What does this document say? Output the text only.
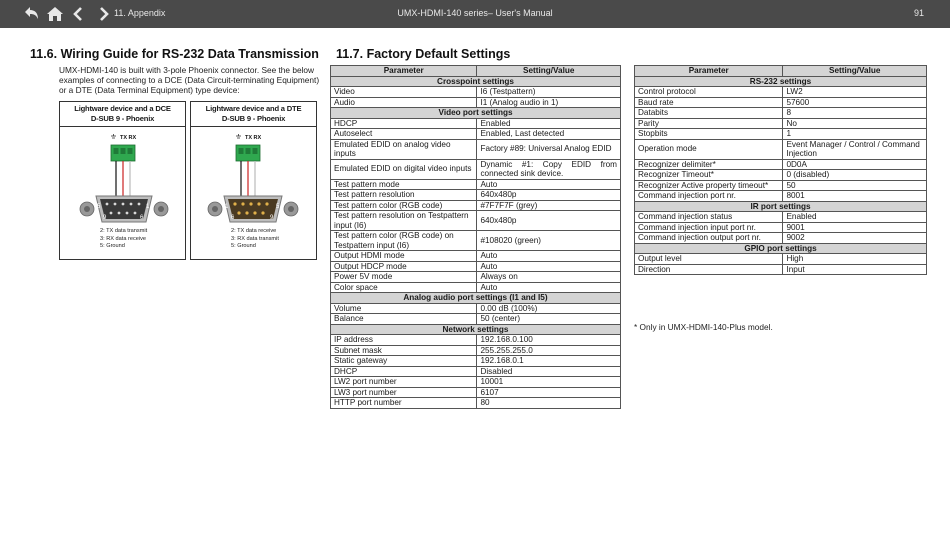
11. Appendix	UMX-HDMI-140 series– User's Manual	91
11.6. Wiring Guide for RS-232 Data Transmission

UMX-HDMI-140 is built with 3-pole Phoenix connector. See the below examples of connecting to a DCE (Data Circuit-terminating Equipment) or a DTE (Data Terminal Equipment) type device:

Lightware device and a DCE
D-SUB 9 - Phoenix
TX RX
5	1
9	6
2: TX data transmit
3: RX data receive
5: Ground
Lightware device and a DTE
D-SUB 9 - Phoenix
TX RX
1	5
6	9
2: TX data receive
3: RX data transmit
5: Ground
11.7. Factory Default Settings
Parameter	Setting/Value
Crosspoint settings	
Video	I6 (Testpattern)
Audio	I1 (Analog audio in 1)
Video port settings	
HDCP	Enabled
Autoselect	Enabled, Last detected
Emulated EDID on analog video inputs	Factory #89: Universal Analog EDID
Emulated EDID on digital video inputs	Dynamic #1: Copy EDID from connected sink device.
Test pattern mode	Auto
Test pattern resolution	640x480p
Test pattern color (RGB code)	#7F7F7F (grey)
Test pattern resolution on Testpattern input (I6)	640x480p
Test pattern color (RGB code) on Testpattern input (I6)	#108020 (green)
Output HDMI mode	Auto
Output HDCP mode	Auto
Power 5V mode	Always on
Color space	Auto
Analog audio port settings (I1 and I5)	
Volume	0.00 dB (100%)
Balance	50 (center)
Network settings	
IP address	192.168.0.100
Subnet mask	255.255.255.0
Static gateway	192.168.0.1
DHCP	Disabled
LW2 port number	10001
LW3 port number	6107
HTTP port number	80
Parameter	Setting/Value
RS-232 settings	
Control protocol	LW2
Baud rate	57600
Databits	8
Parity	No
Stopbits	1
Operation mode	Event Manager / Control / Command Injection
Recognizer delimiter*	0D0A
Recognizer Timeout*	0 (disabled)
Recognizer Active property timeout*	50
Command injection port nr.	8001
IR port settings	
Command injection status	Enabled
Command injection input port nr.	9001
Command injection output port nr.	9002
GPIO port settings	
Output level	High
Direction	Input
* Only in UMX-HDMI-140-Plus model.
